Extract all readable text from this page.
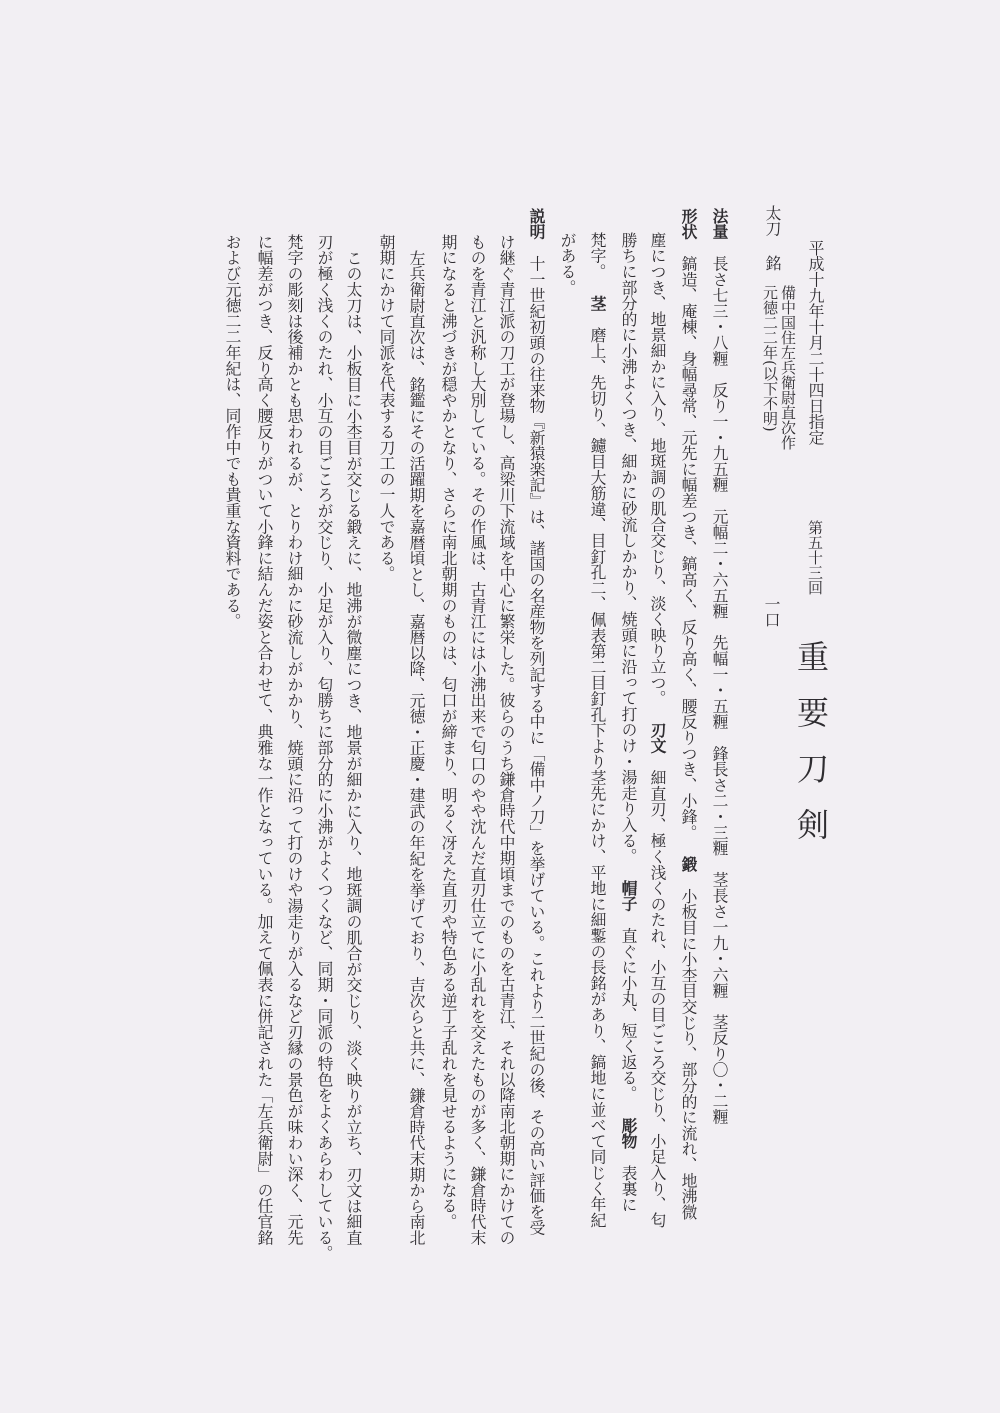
平成十九年十月二十四日指定
第五十三回
重要刀剣
一口
太刀
銘
備中国住左兵衛尉直次作
元徳二二年(以下不明)
法量長さ七三・八糎　反り一・九五糎　元幅二・六五糎　先幅一・五糎　鋒長さ二・三糎　茎長さ一九・六糎　茎反り〇・二糎
形状鎬造、庵棟、身幅尋常、元先に幅差つき、鎬高く、反り高く、腰反りつき、小鋒。鍛小板目に小杢目交じり、部分的に流れ、地沸微
塵につき、地景細かに入り、地斑調の肌合交じり、淡く映り立つ。刃文細直刃、極く浅くのたれ、小互の目ごころ交じり、小足入り、匂
勝ちに部分的に小沸よくつき、細かに砂流しかかり、焼頭に沿って打のけ・湯走り入る。帽子直ぐに小丸、短く返る。彫物表裏に
梵字。茎磨上、先切り、鑢目大筋違、目釘孔二、佩表第二目釘孔下より茎先にかけ、平地に細鏨の長銘があり、鎬地に並べて同じく年紀
がある。
説明十一世紀初頭の往来物『新猿楽記』は、諸国の名産物を列記する中に「備中ノ刀」を挙げている。これより二世紀の後、その高い評価を受
け継ぐ青江派の刀工が登場し、高梁川下流域を中心に繁栄した。彼らのうち鎌倉時代中期頃までのものを古青江、それ以降南北朝期にかけての
ものを青江と汎称し大別している。その作風は、古青江には小沸出来で匂口のやや沈んだ直刃仕立てに小乱れを交えたものが多く、鎌倉時代末
期になると沸づきが穏やかとなり、さらに南北朝期のものは、匂口が締まり、明るく冴えた直刃や特色ある逆丁子乱れを見せるようになる。
左兵衛尉直次は、銘鑑にその活躍期を嘉暦頃とし、嘉暦以降、元徳・正慶・建武の年紀を挙げており、吉次らと共に、鎌倉時代末期から南北
朝期にかけて同派を代表する刀工の一人である。
この太刀は、小板目に小杢目が交じる鍛えに、地沸が微塵につき、地景が細かに入り、地斑調の肌合が交じり、淡く映りが立ち、刃文は細直
刃が極く浅くのたれ、小互の目ごころが交じり、小足が入り、匂勝ちに部分的に小沸がよくつくなど、同期・同派の特色をよくあらわしている。
梵字の彫刻は後補かとも思われるが、とりわけ細かに砂流しがかかり、焼頭に沿って打のけや湯走りが入るなど刃縁の景色が味わい深く、元先
に幅差がつき、反り高く腰反りがついて小鋒に結んだ姿と合わせて、典雅な一作となっている。加えて佩表に併記された「左兵衛尉」の任官銘
および元徳二二年紀は、同作中でも貴重な資料である。
